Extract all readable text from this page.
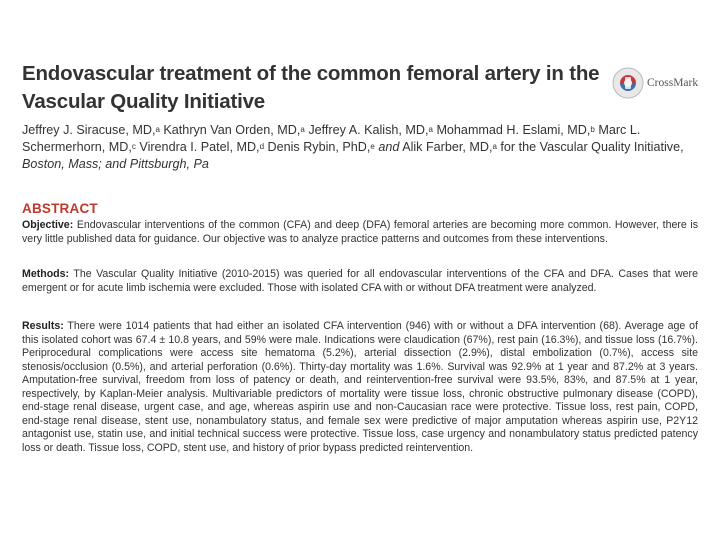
Endovascular treatment of the common femoral artery in the Vascular Quality Initiative
CrossMark
Jeffrey J. Siracuse, MD,$^a$ Kathryn Van Orden, MD,$^a$ Jeffrey A. Kalish, MD,$^a$ Mohammad H. Eslami, MD,$^b$ Marc L. Schermerhorn, MD,$^c$ Virendra I. Patel, MD,$^d$ Denis Rybin, PhD,$^e$ and Alik Farber, MD,$^a$ for the Vascular Quality Initiative, Boston, Mass; and Pittsburgh, Pa
ABSTRACT
Objective: Endovascular interventions of the common (CFA) and deep (DFA) femoral arteries are becoming more common. However, there is very little published data for guidance. Our objective was to analyze practice patterns and outcomes from these interventions.
Methods: The Vascular Quality Initiative (2010-2015) was queried for all endovascular interventions of the CFA and DFA. Cases that were emergent or for acute limb ischemia were excluded. Those with isolated CFA with or without DFA treatment were analyzed.
Results: There were 1014 patients that had either an isolated CFA intervention (946) with or without a DFA intervention (68). Average age of this isolated cohort was 67.4 ± 10.8 years, and 59% were male. Indications were claudication (67%), rest pain (16.3%), and tissue loss (16.7%). Periprocedural complications were access site hematoma (5.2%), arterial dissection (2.9%), distal embolization (0.7%), access site stenosis/occlusion (0.5%), and arterial perforation (0.6%). Thirty-day mortality was 1.6%. Survival was 92.9% at 1 year and 87.2% at 3 years. Amputation-free survival, freedom from loss of patency or death, and reintervention-free survival were 93.5%, 83%, and 87.5% at 1 year, respectively, by Kaplan-Meier analysis. Multivariable predictors of mortality were tissue loss, chronic obstructive pulmonary disease (COPD), end-stage renal disease, urgent case, and age, whereas aspirin use and non-Caucasian race were protective. Tissue loss, rest pain, COPD, end-stage renal disease, stent use, nonambulatory status, and female sex were predictive of major amputation whereas aspirin use, P2Y12 antagonist use, statin use, and initial technical success were protective. Tissue loss, case urgency and nonambulatory status predicted patency loss or death. Tissue loss, COPD, stent use, and history of prior bypass predicted reintervention.
